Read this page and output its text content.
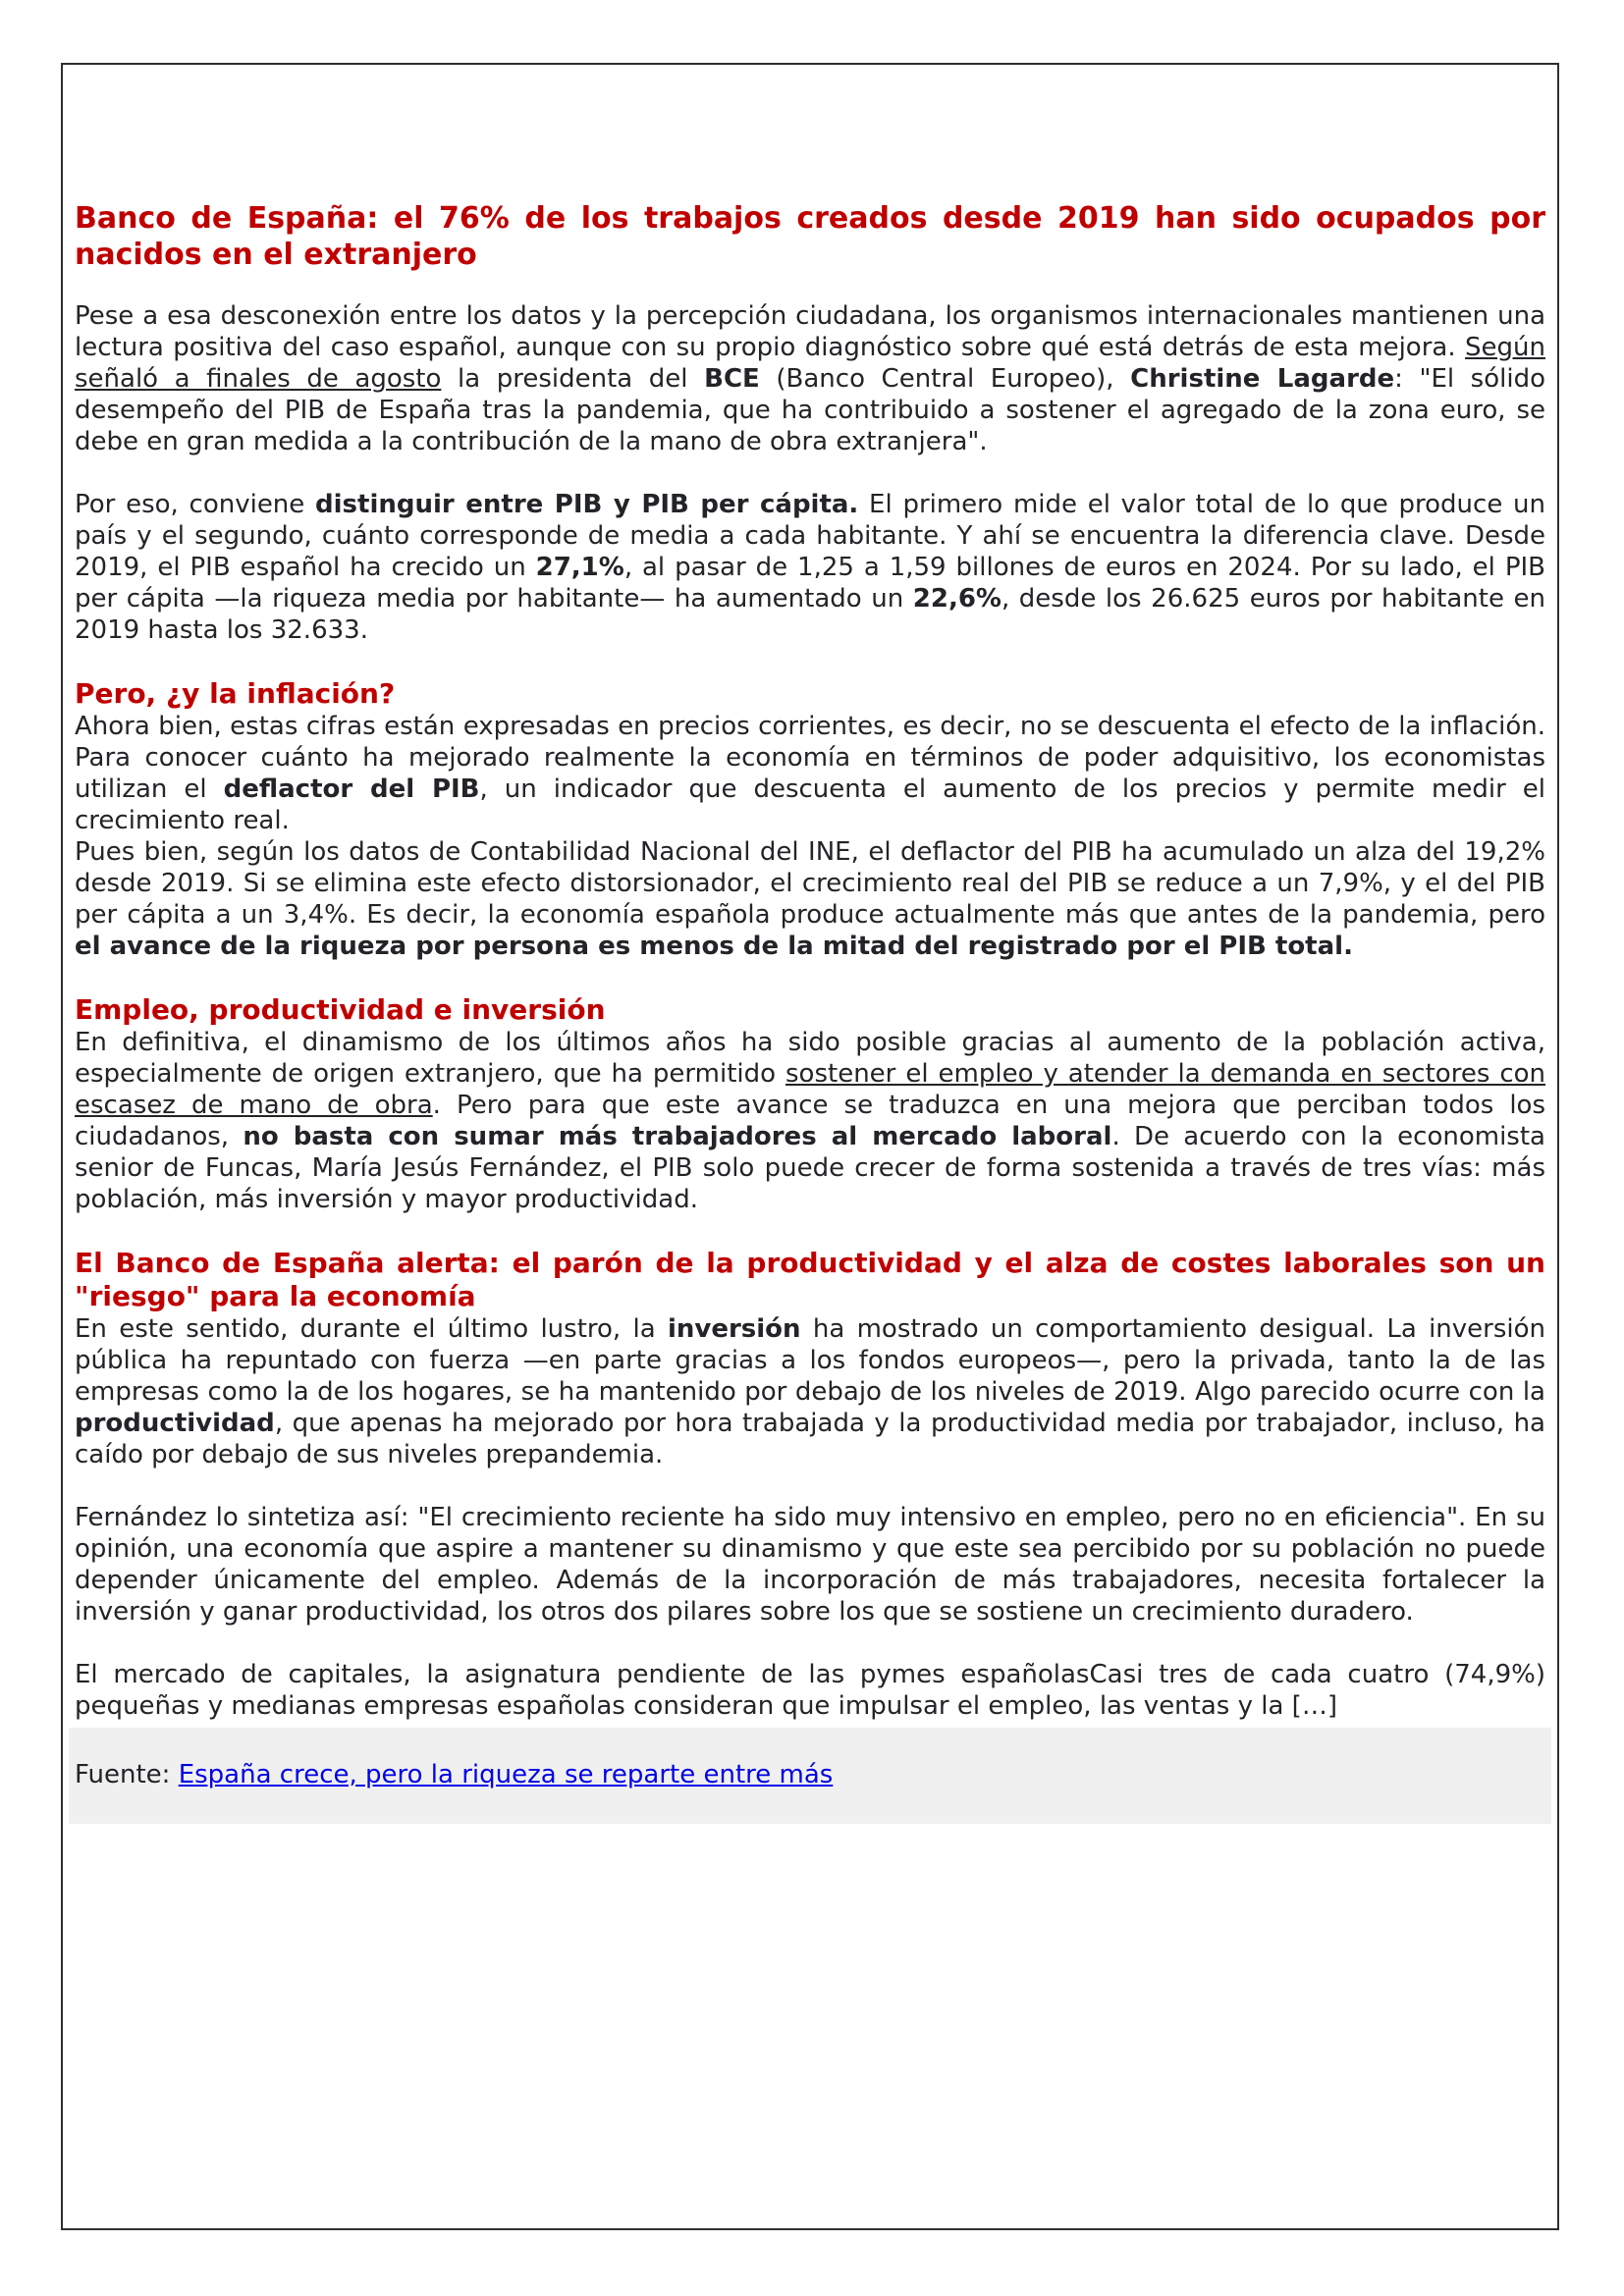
Banco de España: el 76% de los trabajos creados desde 2019 han sido ocupados por nacidos en el extranjero

Pese a esa desconexión entre los datos y la percepción ciudadana, los organismos internacionales mantienen una lectura positiva del caso español, aunque con su propio diagnóstico sobre qué está detrás de esta mejora. Según señaló a finales de agosto la presidenta del BCE (Banco Central Europeo), Christine Lagarde: "El sólido desempeño del PIB de España tras la pandemia, que ha contribuido a sostener el agregado de la zona euro, se debe en gran medida a la contribución de la mano de obra extranjera".

Por eso, conviene distinguir entre PIB y PIB per cápita. El primero mide el valor total de lo que produce un país y el segundo, cuánto corresponde de media a cada habitante. Y ahí se encuentra la diferencia clave. Desde 2019, el PIB español ha crecido un 27,1%, al pasar de 1,25 a 1,59 billones de euros en 2024. Por su lado, el PIB per cápita —la riqueza media por habitante— ha aumentado un 22,6%, desde los 26.625 euros por habitante en 2019 hasta los 32.633.

Pero, ¿y la inflación?

Ahora bien, estas cifras están expresadas en precios corrientes, es decir, no se descuenta el efecto de la inflación. Para conocer cuánto ha mejorado realmente la economía en términos de poder adquisitivo, los economistas utilizan el deflactor del PIB, un indicador que descuenta el aumento de los precios y permite medir el crecimiento real.

Pues bien, según los datos de Contabilidad Nacional del INE, el deflactor del PIB ha acumulado un alza del 19,2% desde 2019. Si se elimina este efecto distorsionador, el crecimiento real del PIB se reduce a un 7,9%, y el del PIB per cápita a un 3,4%. Es decir, la economía española produce actualmente más que antes de la pandemia, pero el avance de la riqueza por persona es menos de la mitad del registrado por el PIB total.

Empleo, productividad e inversión

En definitiva, el dinamismo de los últimos años ha sido posible gracias al aumento de la población activa, especialmente de origen extranjero, que ha permitido sostener el empleo y atender la demanda en sectores con escasez de mano de obra. Pero para que este avance se traduzca en una mejora que perciban todos los ciudadanos, no basta con sumar más trabajadores al mercado laboral. De acuerdo con la economista senior de Funcas, María Jesús Fernández, el PIB solo puede crecer de forma sostenida a través de tres vías: más población, más inversión y mayor productividad.

El Banco de España alerta: el parón de la productividad y el alza de costes laborales son un "riesgo" para la economía

En este sentido, durante el último lustro, la inversión ha mostrado un comportamiento desigual. La inversión pública ha repuntado con fuerza —en parte gracias a los fondos europeos—, pero la privada, tanto la de las empresas como la de los hogares, se ha mantenido por debajo de los niveles de 2019. Algo parecido ocurre con la productividad, que apenas ha mejorado por hora trabajada y la productividad media por trabajador, incluso, ha caído por debajo de sus niveles prepandemia.

Fernández lo sintetiza así: "El crecimiento reciente ha sido muy intensivo en empleo, pero no en eficiencia". En su opinión, una economía que aspire a mantener su dinamismo y que este sea percibido por su población no puede depender únicamente del empleo. Además de la incorporación de más trabajadores, necesita fortalecer la inversión y ganar productividad, los otros dos pilares sobre los que se sostiene un crecimiento duradero.

El mercado de capitales, la asignatura pendiente de las pymes españolasCasi tres de cada cuatro (74,9%) pequeñas y medianas empresas españolas consideran que impulsar el empleo, las ventas y la […]

Fuente: España crece, pero la riqueza se reparte entre más
